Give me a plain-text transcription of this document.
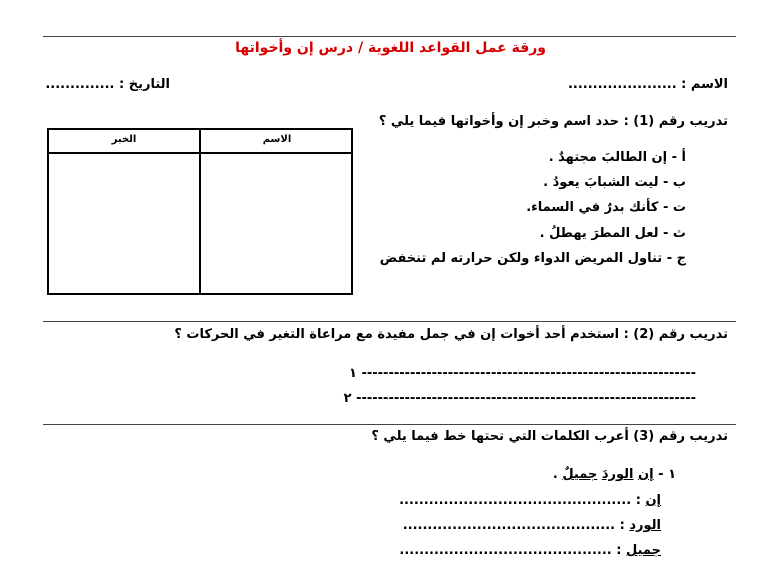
ورقة عمل القواعد اللغوية / درس إن وأخواتها
الاسم : ......................
التاريخ : ..............
تدريب رقم (1) : حدد اسم وخبر إن وأخواتها فيما يلي ؟
الاسم
الخبر
أ - إن الطالبَ مجتهدٌ .
ب - ليت الشبابَ يعودُ .
ت - كأنك بدرٌ في السماء.
ث - لعل المطرَ يهطلُ .
ج - تناول المريض الدواء ولكن حرارته لم تنخفض
تدريب رقم (2) : استخدم أحد أخوات إن في جمل مفيدة مع مراعاة التغير في الحركات ؟
١ --------------------------------------------------------------
٢ ---------------------------------------------------------------
تدريب رقم (3) أعرب الكلمات التي تحتها خط فيما يلي ؟
١ - إن الوردَ جميلٌ .
إن : ...............................................
الورد : ...........................................
جميل : ...........................................
